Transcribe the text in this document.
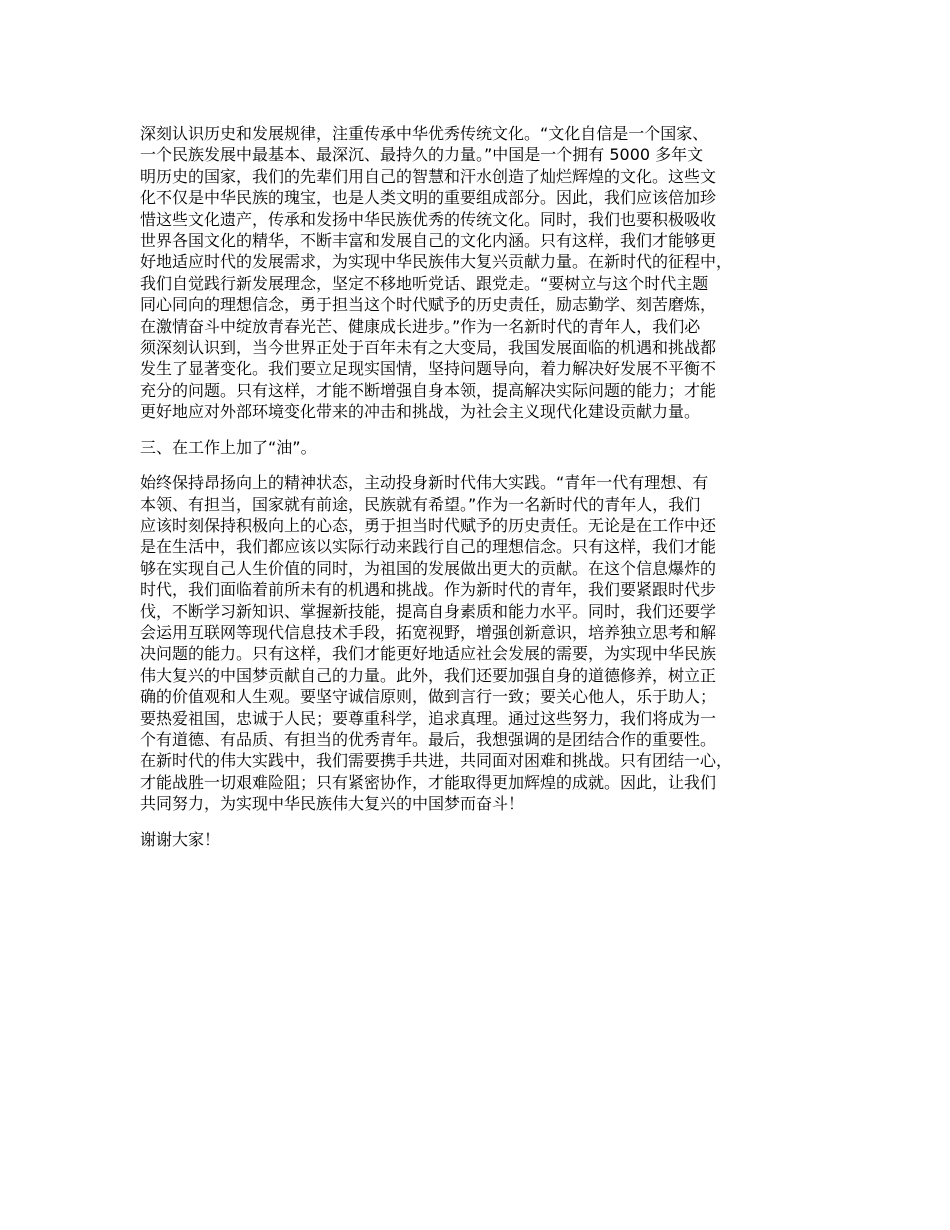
深刻认识历史和发展规律，注重传承中华优秀传统文化。“文化自信是一个国家、
一个民族发展中最基本、最深沉、最持久的力量。”中国是一个拥有 5000 多年文
明历史的国家，我们的先辈们用自己的智慧和汗水创造了灿烂辉煌的文化。这些文
化不仅是中华民族的瑰宝，也是人类文明的重要组成部分。因此，我们应该倍加珍
惜这些文化遗产，传承和发扬中华民族优秀的传统文化。同时，我们也要积极吸收
世界各国文化的精华，不断丰富和发展自己的文化内涵。只有这样，我们才能够更
好地适应时代的发展需求，为实现中华民族伟大复兴贡献力量。在新时代的征程中，
我们自觉践行新发展理念，坚定不移地听党话、跟党走。“要树立与这个时代主题
同心同向的理想信念，勇于担当这个时代赋予的历史责任，励志勤学、刻苦磨炼，
在激情奋斗中绽放青春光芒、健康成长进步。”作为一名新时代的青年人，我们必
须深刻认识到，当今世界正处于百年未有之大变局，我国发展面临的机遇和挑战都
发生了显著变化。我们要立足现实国情，坚持问题导向，着力解决好发展不平衡不
充分的问题。只有这样，才能不断增强自身本领，提高解决实际问题的能力；才能
更好地应对外部环境变化带来的冲击和挑战，为社会主义现代化建设贡献力量。
三、在工作上加了“油”。
始终保持昂扬向上的精神状态，主动投身新时代伟大实践。“青年一代有理想、有
本领、有担当，国家就有前途，民族就有希望。”作为一名新时代的青年人，我们
应该时刻保持积极向上的心态，勇于担当时代赋予的历史责任。无论是在工作中还
是在生活中，我们都应该以实际行动来践行自己的理想信念。只有这样，我们才能
够在实现自己人生价值的同时，为祖国的发展做出更大的贡献。在这个信息爆炸的
时代，我们面临着前所未有的机遇和挑战。作为新时代的青年，我们要紧跟时代步
伐，不断学习新知识、掌握新技能，提高自身素质和能力水平。同时，我们还要学
会运用互联网等现代信息技术手段，拓宽视野，增强创新意识，培养独立思考和解
决问题的能力。只有这样，我们才能更好地适应社会发展的需要，为实现中华民族
伟大复兴的中国梦贡献自己的力量。此外，我们还要加强自身的道德修养，树立正
确的价值观和人生观。要坚守诚信原则，做到言行一致；要关心他人，乐于助人；
要热爱祖国，忠诚于人民；要尊重科学，追求真理。通过这些努力，我们将成为一
个有道德、有品质、有担当的优秀青年。最后，我想强调的是团结合作的重要性。
在新时代的伟大实践中，我们需要携手共进，共同面对困难和挑战。只有团结一心，
才能战胜一切艰难险阻；只有紧密协作，才能取得更加辉煌的成就。因此，让我们
共同努力，为实现中华民族伟大复兴的中国梦而奋斗！
谢谢大家！
